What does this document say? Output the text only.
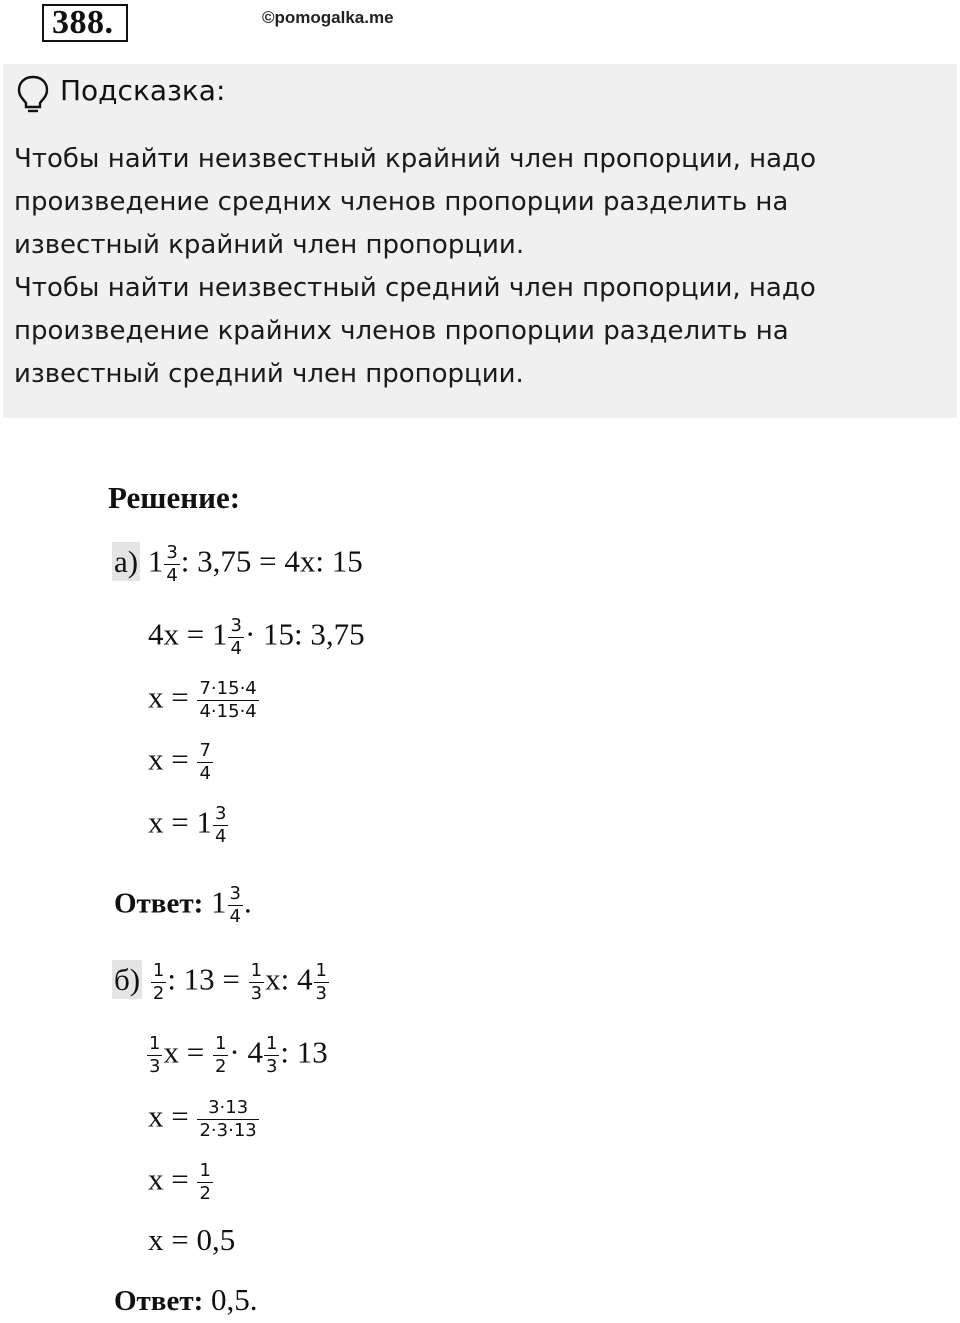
388.	©pomogalka.me
Подсказка:
Чтобы найти неизвестный крайний член пропорции, надо
произведение средних членов пропорции разделить на
известный крайний член пропорции.
Чтобы найти неизвестный средний член пропорции, надо
произведение крайних членов пропорции разделить на
известный средний член пропорции.
Решение:
а) $1 \frac{3}{4}$ : 3,75 = 4х: 15
$4х = 1 \frac{3}{4} \cdot 15$: 3,75
$х = \frac{7\cdot 15\cdot 4}{4\cdot 15\cdot 4}$
$х = \frac{7}{4}$
$х = 1 \frac{3}{4}$
Ответ: $1 \frac{3}{4}$ .
$б) \frac{1}{2}$ : $13 = \frac{1}{3} х$: $4 \frac{1}{3}$
$\frac{1}{3}$ $х = \frac{1}{2} \cdot 4 \frac{1}{3}$ : 13
$х = \frac{3\cdot 13}{2\cdot 3\cdot 13}$
$х = \frac{1}{2}$
х = 0,5
Ответ: 0,5.
